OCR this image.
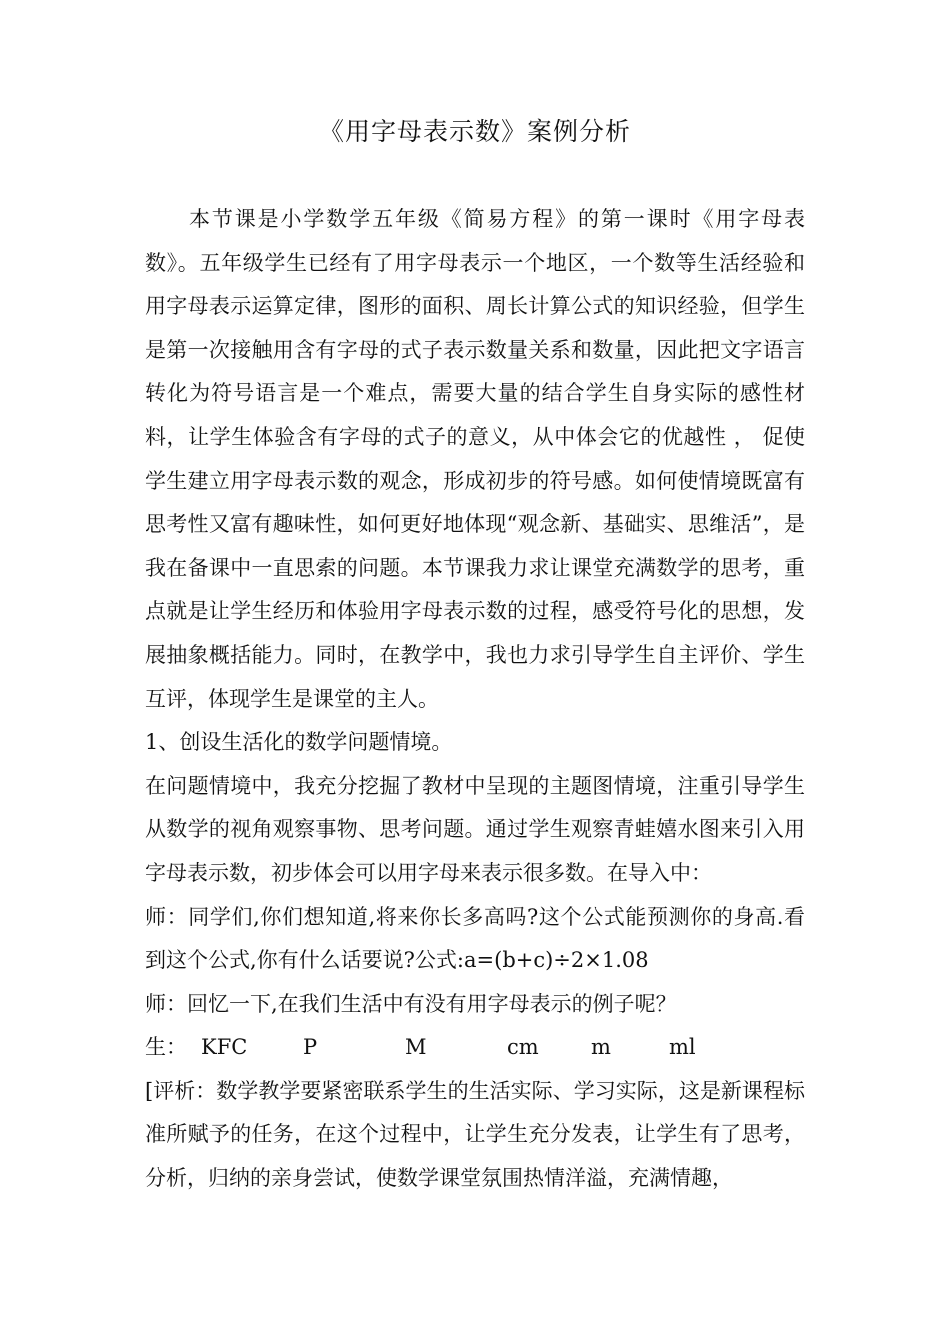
《用字母表示数》案例分析

本节课是小学数学五年级《简易方程》的第一课时《用字母表数》。五年级学生已经有了用字母表示一个地区，一个数等生活经验和用字母表示运算定律，图形的面积、周长计算公式的知识经验，但学生是第一次接触用含有字母的式子表示数量关系和数量，因此把文字语言转化为符号语言是一个难点，需要大量的结合学生自身实际的感性材料，让学生体验含有字母的式子的意义，从中体会它的优越性 ， 促使学生建立用字母表示数的观念，形成初步的符号感。如何使情境既富有思考性又富有趣味性，如何更好地体现“观念新、基础实、思维活”，是我在备课中一直思索的问题。本节课我力求让课堂充满数学的思考，重点就是让学生经历和体验用字母表示数的过程，感受符号化的思想，发展抽象概括能力。同时，在教学中，我也力求引导学生自主评价、学生互评，体现学生是课堂的主人。

1、创设生活化的数学问题情境。

在问题情境中，我充分挖掘了教材中呈现的主题图情境，注重引导学生从数学的视角观察事物、思考问题。通过学生观察青蛙嬉水图来引入用字母表示数，初步体会可以用字母来表示很多数。在导入中：

师：同学们,你们想知道,将来你长多高吗?这个公式能预测你的身高.看到这个公式,你有什么话要说?公式:a=(b+c)÷2×1.08

师：回忆一下,在我们生活中有没有用字母表示的例子呢？

生： KFC	P	M	cm m	ml

[评析：数学教学要紧密联系学生的生活实际、学习实际，这是新课程标准所赋予的任务，在这个过程中，让学生充分发表，让学生有了思考，分析，归纳的亲身尝试，使数学课堂氛围热情洋溢，充满情趣，
